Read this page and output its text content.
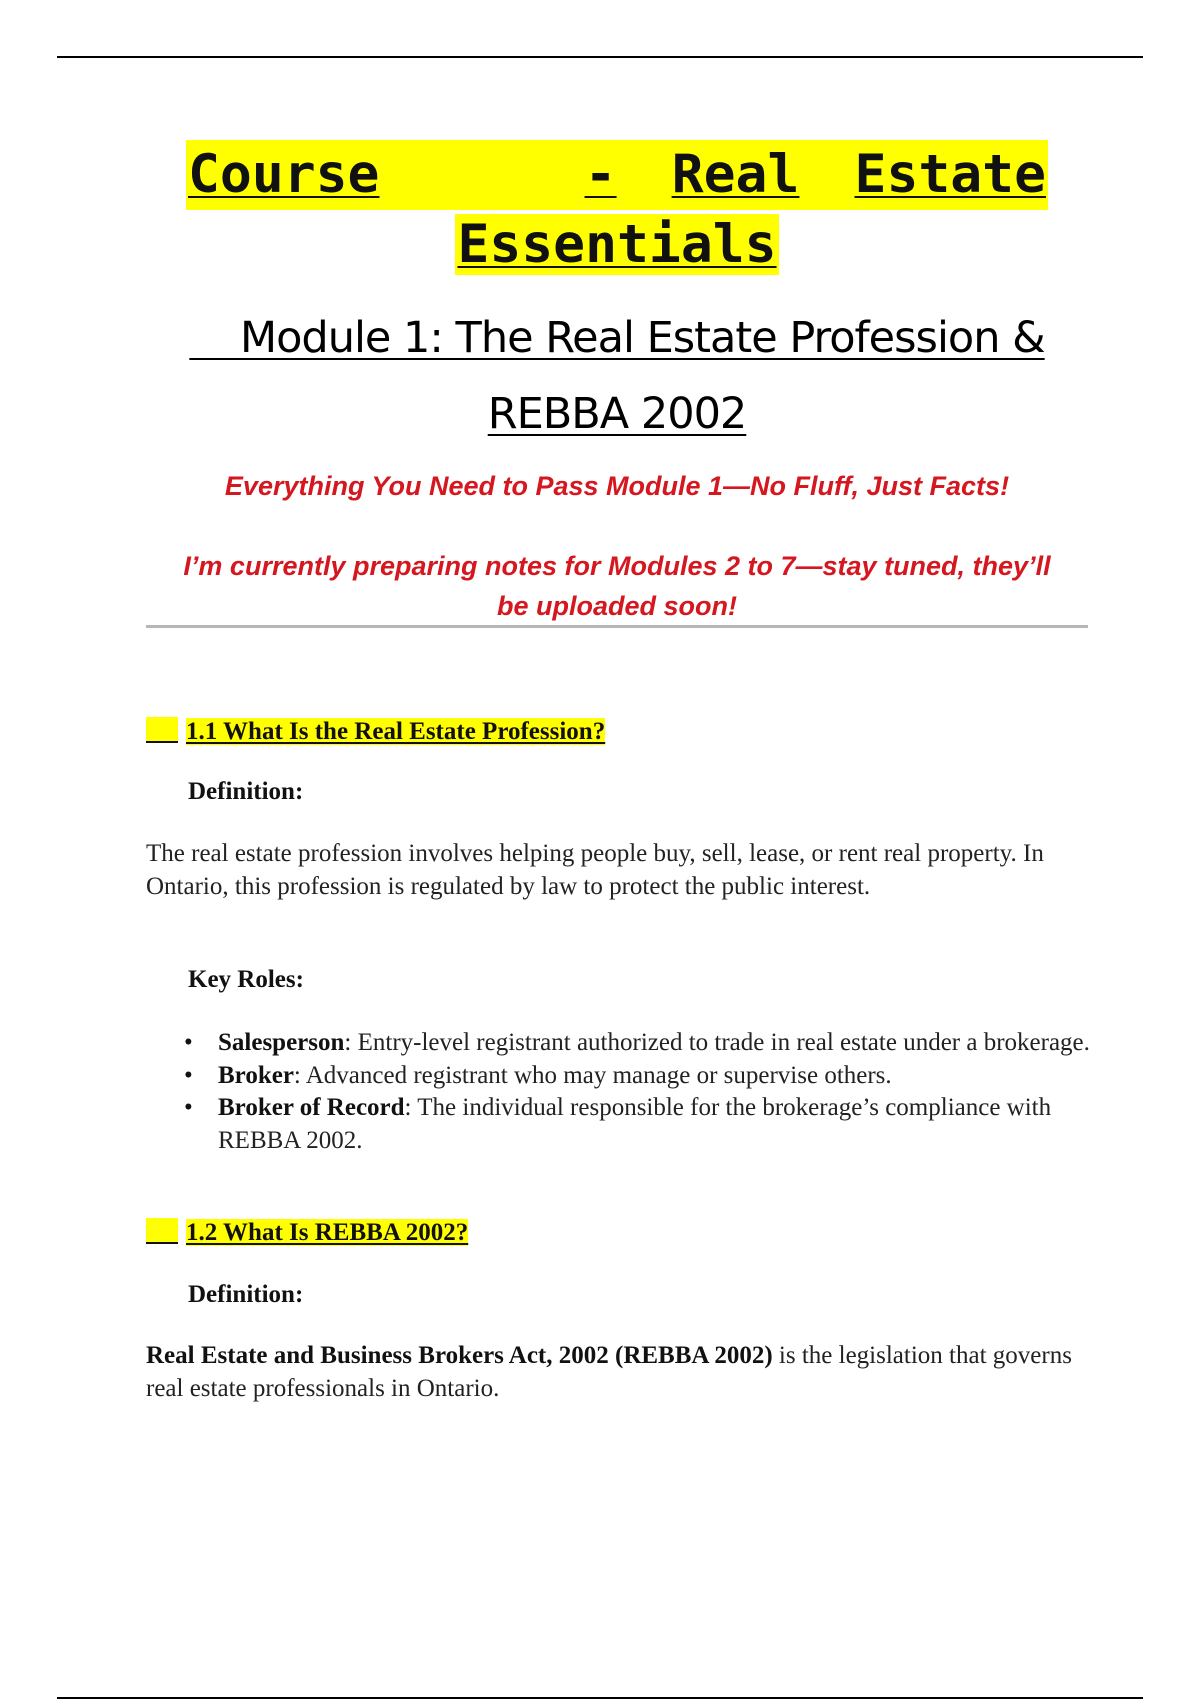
Course	- Real Estate
Essentials
Module 1: The Real Estate Profession &
REBBA 2002
Everything You Need to Pass Module 1—No Fluff, Just Facts!
I’m currently preparing notes for Modules 2 to 7—stay tuned, they’ll
be uploaded soon!
1.1 What Is the Real Estate Profession?
Definition:
The real estate profession involves helping people buy, sell, lease, or rent real property. In Ontario, this profession is regulated by law to protect the public interest.
Key Roles:
• Salesperson: Entry-level registrant authorized to trade in real estate under a brokerage.
• Broker: Advanced registrant who may manage or supervise others.
• Broker of Record: The individual responsible for the brokerage’s compliance with REBBA 2002.
1.2 What Is REBBA 2002?
Definition:
Real Estate and Business Brokers Act, 2002 (REBBA 2002) is the legislation that governs real estate professionals in Ontario.
